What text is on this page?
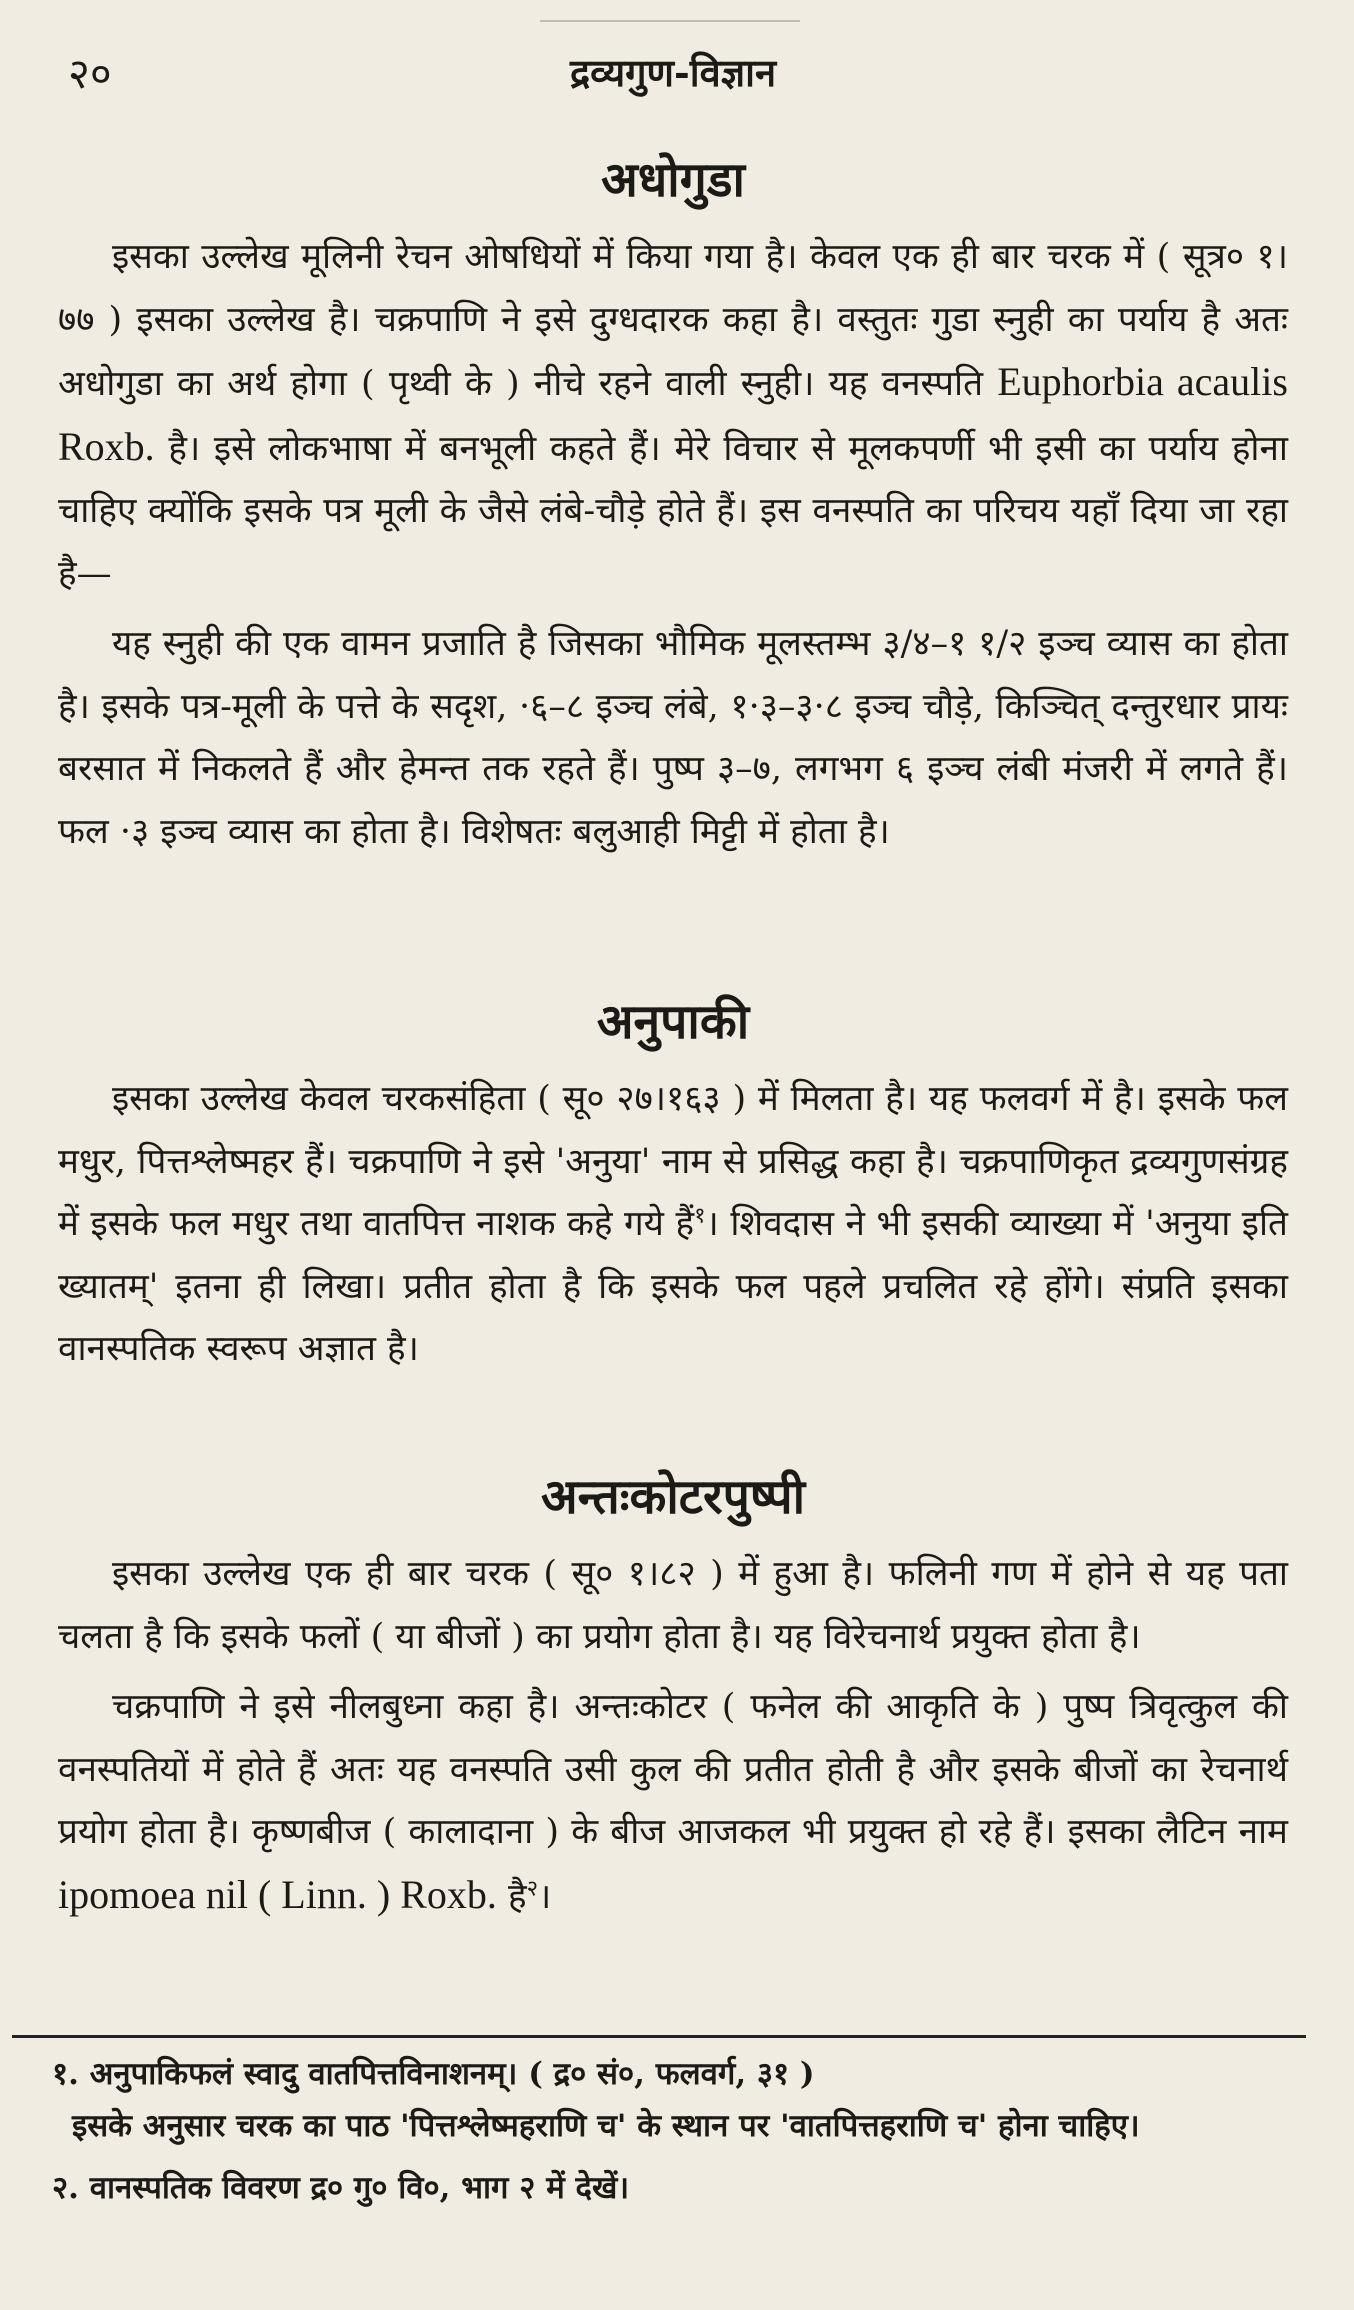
२०	द्रव्यगुण-विज्ञान
अधोगुडा

इसका उल्लेख मूलिनी रेचन ओषधियों में किया गया है। केवल एक ही बार चरक में ( सूत्र० १।७७ ) इसका उल्लेख है। चक्रपाणि ने इसे दुग्धदारक कहा है। वस्तुतः गुडा स्नुही का पर्याय है अतः अधोगुडा का अर्थ होगा ( पृथ्वी के ) नीचे रहने वाली स्नुही। यह वनस्पति Euphorbia acaulis Roxb. है। इसे लोकभाषा में बनभूली कहते हैं। मेरे विचार से मूलकपर्णी भी इसी का पर्याय होना चाहिए क्योंकि इसके पत्र मूली के जैसे लंबे-चौड़े होते हैं। इस वनस्पति का परिचय यहाँ दिया जा रहा है—

यह स्नुही की एक वामन प्रजाति है जिसका भौमिक मूलस्तम्भ ३/४–१ १/२ इञ्च व्यास का होता है। इसके पत्र-मूली के पत्ते के सदृश, ·६–८ इञ्च लंबे, १·३–३·८ इञ्च चौड़े, किञ्चित् दन्तुरधार प्रायः बरसात में निकलते हैं और हेमन्त तक रहते हैं। पुष्प ३–७, लगभग ६ इञ्च लंबी मंजरी में लगते हैं। फल ·३ इञ्च व्यास का होता है। विशेषतः बलुआही मिट्टी में होता है।

अनुपाकी

इसका उल्लेख केवल चरकसंहिता ( सू० २७।१६३ ) में मिलता है। यह फलवर्ग में है। इसके फल मधुर, पित्तश्लेष्महर हैं। चक्रपाणि ने इसे 'अनुया' नाम से प्रसिद्ध कहा है। चक्रपाणिकृत द्रव्यगुणसंग्रह में इसके फल मधुर तथा वातपित्त नाशक कहे गये हैं$^१$। शिवदास ने भी इसकी व्याख्या में 'अनुया इति ख्यातम्' इतना ही लिखा। प्रतीत होता है कि इसके फल पहले प्रचलित रहे होंगे। संप्रति इसका वानस्पतिक स्वरूप अज्ञात है।

अन्तःकोटरपुष्पी

इसका उल्लेख एक ही बार चरक ( सू० १।८२ ) में हुआ है। फलिनी गण में होने से यह पता चलता है कि इसके फलों ( या बीजों ) का प्रयोग होता है। यह विरेचनार्थ प्रयुक्त होता है।

चक्रपाणि ने इसे नीलबुध्ना कहा है। अन्तःकोटर ( फनेल की आकृति के ) पुष्प त्रिवृत्कुल की वनस्पतियों में होते हैं अतः यह वनस्पति उसी कुल की प्रतीत होती है और इसके बीजों का रेचनार्थ प्रयोग होता है। कृष्णबीज ( कालादाना ) के बीज आजकल भी प्रयुक्त हो रहे हैं। इसका लैटिन नाम ipomoea nil ( Linn. ) Roxb. है$^२$।

१. अनुपाकिफलं स्वादु वातपित्तविनाशनम्। ( द्र० सं०, फलवर्ग, ३१ )

इसके अनुसार चरक का पाठ 'पित्तश्लेष्महराणि च' के स्थान पर 'वातपित्तहराणि च' होना चाहिए।

२. वानस्पतिक विवरण द्र० गु० वि०, भाग २ में देखें।
